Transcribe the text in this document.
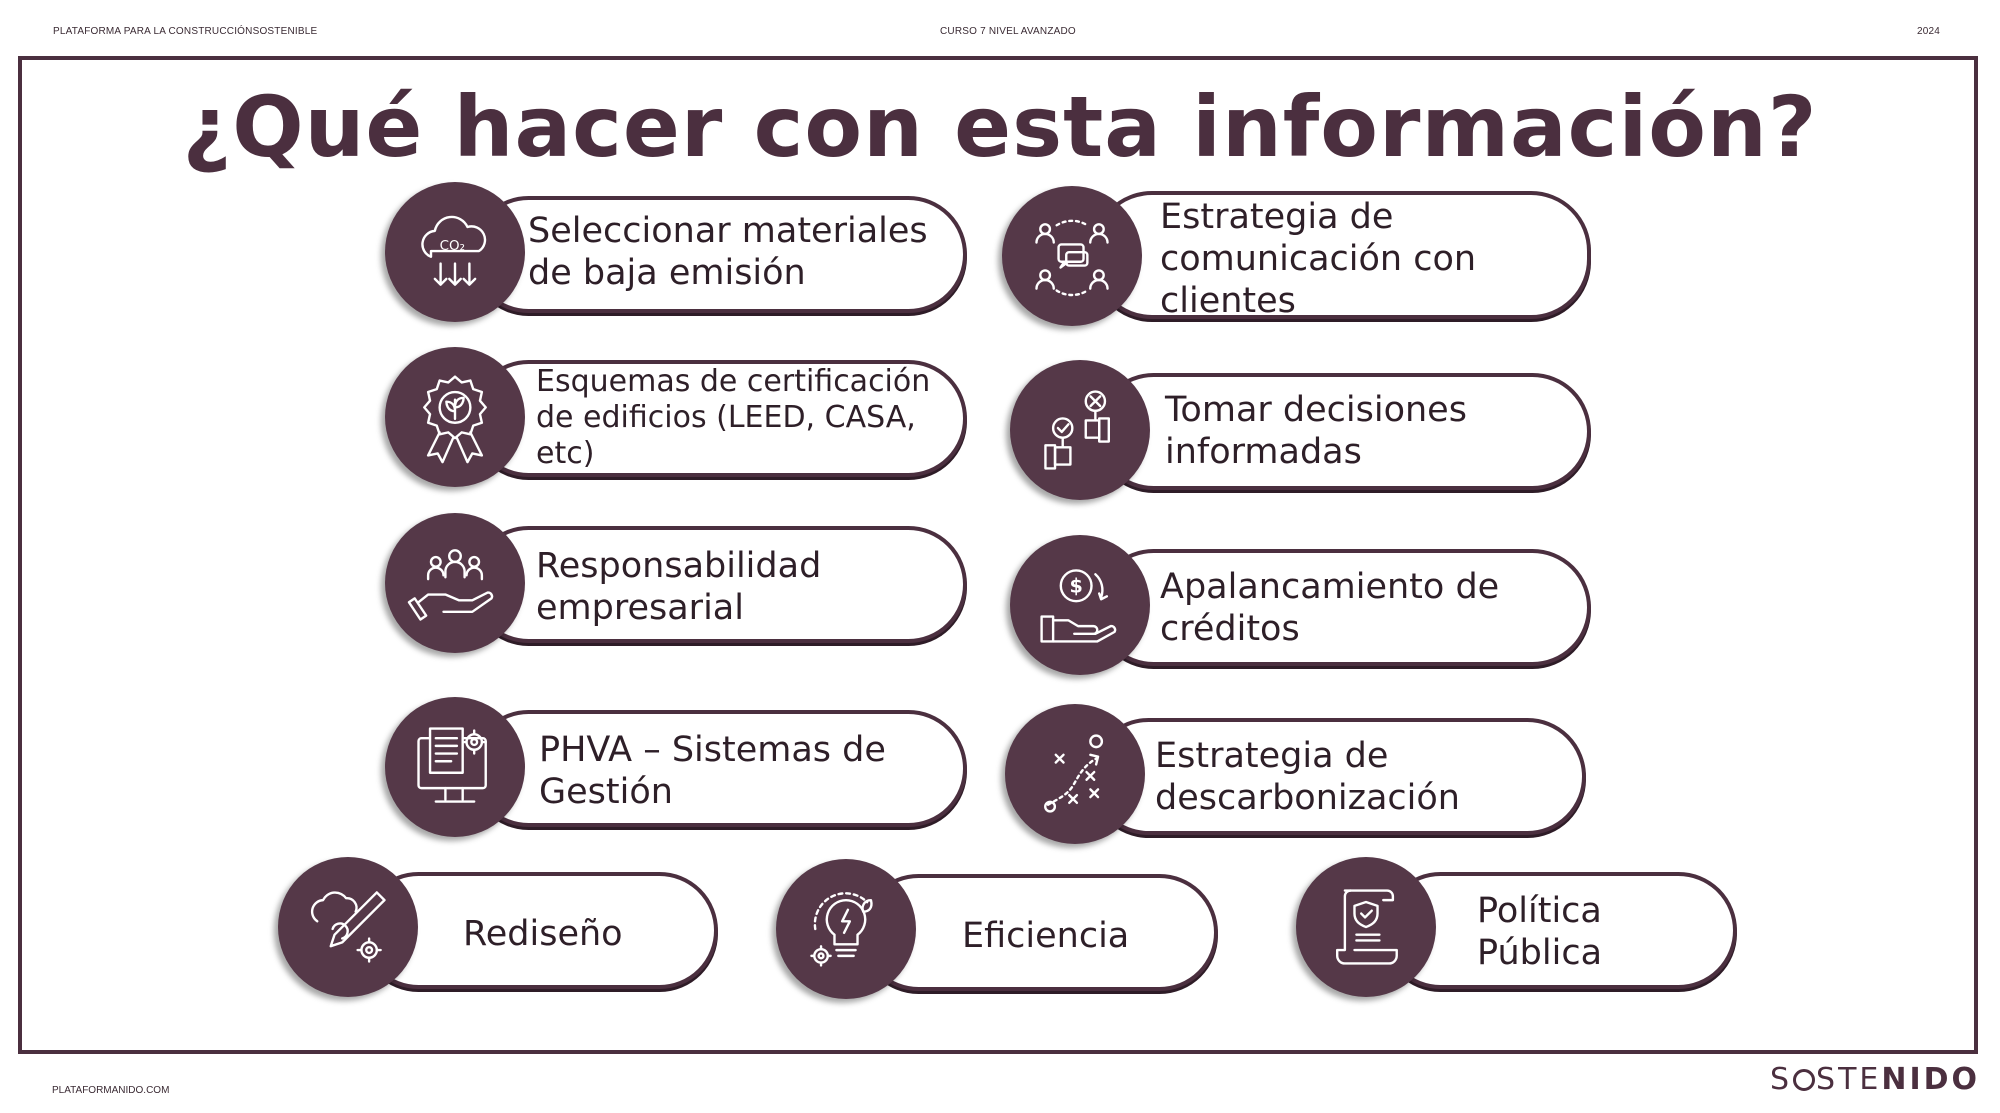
PLATAFORMA PARA LA CONSTRUCCIÓNSOSTENIBLE	CURSO 7 NIVEL AVANZADO	2024
¿Qué hacer con esta información?
CO₂ Seleccionar materiales de baja emisión
Estrategia de comunicación con clientes
Esquemas de certificación de edificios (LEED, CASA, etc)
Tomar decisiones informadas
Responsabilidad empresarial
$ Apalancamiento de créditos
PHVA – Sistemas de Gestión
Estrategia de descarbonización
Rediseño	Eficiencia
Política Pública
PLATAFORMANIDO.COM	S STENIDO
